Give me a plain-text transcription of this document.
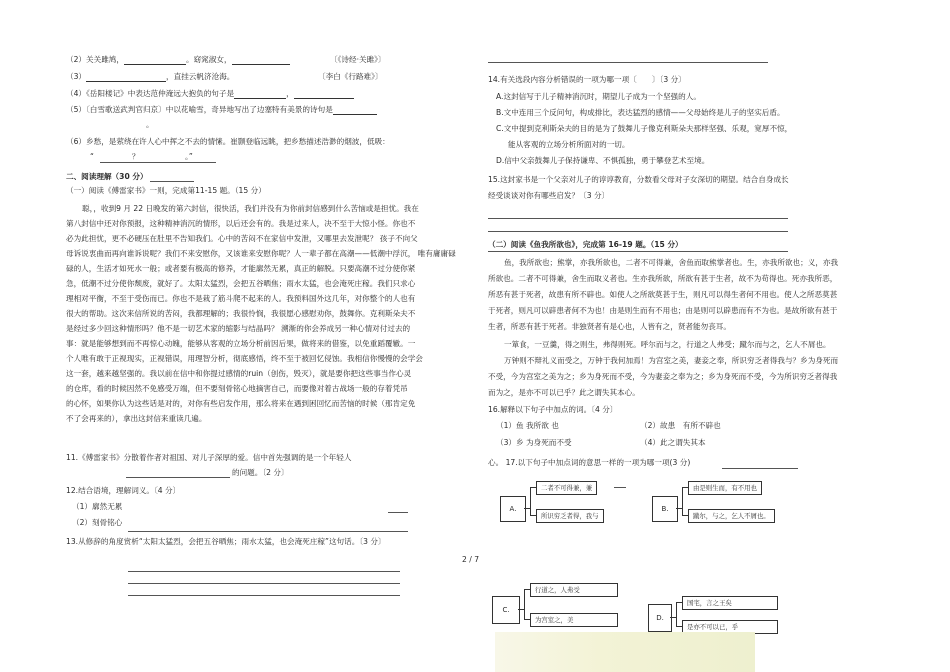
（2）关关雎鸠，	。窈窕淑女，	〔《诗经·关雎》〕
（3）	，直挂云帆济沧海。	〔李白《行路难》〕
（4）《岳阳楼记》中表达范仲淹远大抱负的句子是	，
（5）〔白雪歌送武判官归京〕中以花喻雪，奇异地写出了边塞特有美景的诗句是
。
（6）乡愁，是萦绕在许人心中挥之不去的情愫。崔颢登临远眺，把乡愁描述浩渺的烟波，低吸：
“　　　　　？　　　　　　。”
二、阅读理解（30 分）
（一）阅读《傅雷家书》一则，完成第11-15 题。（15 分）
聪，，收到9 月 22 日晚发的第六封信，很快活，我们并没有为你前封信感到什么苦恼或是担忧。我在
第八封信中还对你预报，这种精神消沉的情形，以后还会有的。我是过来人，决不至于大惊小怪。你也不
必为此担忧，更不必硬压在肚里不告知我们。心中的苦闷不在家信中发泄，又哪里去发泄呢？ 孩子不向父
母诉说衷曲而再向谁诉说呢？我们不来安慰你，又该谁来安慰你呢？人一辈子都在高潮——低潮中浮沉， 唯有庸庸碌
碌的人，生活才如死水一般；或者要有极高的修养，才能廓然无累，真正的解脱。只要高潮不过分使你紧
急，低潮不过分使你颓废，就好了。太阳太猛烈，会把五谷晒焦；雨水太猛，也会淹死庄稼。我们只求心
理相对平衡，不至于受伤而已。你也不是栽了筋斗爬不起来的人。我预料国外这几年，对你整个的人也有
很大的帮助。这次来信所说的苦闷，我都理解的；我很怜悯，我很愿心感慰劝你，鼓舞你。克利斯朵夫不
是经过多少回这种情形吗？他不是一切艺术家的缩影与结晶吗？ 溯渐的你会养成另一种心情对付过去的
事：就是能够想到而不再惊心动魄，能够从客观的立场分析前因后果，做将来的借鉴，以免重蹈覆辙。一
个人唯有敢于正视现实，正视错误，用理智分析，彻底感悟，终不至于被回忆侵蚀。我相信你慢慢的会学会
这一套，越来越坚强的。我以前在信中和你提过感情的ruin（创伤，毁灭），就是要你把这些事当作心灵
的仓库，看的时候因然不免感受万端，但不要刻骨铭心地摘害自己，而要像对着古战场一般的存着凭吊
的心怀，如果你认为这些话是对的，对你有些启发作用，那么将来在遇到困回忆而苦恼的时候（那肯定免
不了会再来的），拿出这封信来重读几遍。
11.《傅雷家书》分散着作者对祖国、对儿子深厚的爱。信中首先强调的是一个年轻人
的问题。〔2 分〕
12.结合语境，理解词义。〔4 分〕
（1）廓然无累
（2）刻骨铭心
13.从修辞的角度赏析“太阳太猛烈，会把五谷晒焦；雨水太猛，也会淹死庄稼”这句话。〔3 分〕
14.有关选段内容分析错误的一项为哪一项〔　　〕〔3 分〕
A.这封信写于儿子精神消沉时，期望儿子成为一个坚强的人。
B.文中连用三个反问句，构成排比，表达猛烈的感情——父母始终是儿子的坚实后盾。
C.文中提到克利斯朵夫的目的是为了鼓舞儿子像克利斯朵夫那样坚强、乐观，宽厚不惊，
能从客观的立场分析所面对的一切。
D.信中父亲鼓舞儿子保持谦卑、不惧孤独，勇于攀登艺术至境。
15.这封家书是一个父亲对儿子的谆谆教育，分数看父母对子女深切的期望。结合自身成长
经受谈谈对你有哪些启发？〔3 分〕
（二）阅读《鱼我所欲也》，完成第 16-19 题。（15 分）
鱼，我所欲也；熊掌，亦我所欲也，二者不可得兼，舍鱼而取熊掌者也。生，亦我所欲也；义，亦我
所欲也。二者不可得兼，舍生而取义者也。生亦我所欲，所欲有甚于生者，故不为苟得也。死亦我所恶，
所恶有甚于死者，故患有所不辟也。如使人之所欲莫甚于生，则凡可以得生者何不用也。使人之所恶莫甚
于死者，则凡可以辟患者何不为也！由是则生而有不用也；由是则可以辟患而有不为也。是故所欲有甚于
生者，所恶有甚于死者。非独贤者有是心也，人皆有之，贤者能勿丧耳。
一箪食，一豆羹，得之则生，弗得则死。呼尔而与之，行道之人弗受；蹴尔而与之，乞人不屑也。
万钟则不辩礼义而受之，万钟于我何加焉！为宫室之美，妻妾之奉，所识穷乏者得我与？乡为身死而
不受，今为宫室之美为之；乡为身死而不受，今为妻妾之奉为之；乡为身死而不受，今为所识穷乏者得我
而为之，是亦不可以已乎？此之谓失其本心。
16.解释以下句子中加点的词。〔4 分〕
（1）鱼 我所欲 也	（2）故患　有所不辟也
（3）乡 为身死而不受	（4）此之谓失其本
心。 17.以下句子中加点词的意思一样的一项为哪一项(3 分)
A.
二者不可得兼，兼
所识穷乏者得，我与
B.
由是则生而，有不用也
蹴尔，与之，乞人不屑也。
C.
行道之，人弗受
为宫室之，美	D.
国宅，言之王矣
是亦不可以已，乎
2 / 7
